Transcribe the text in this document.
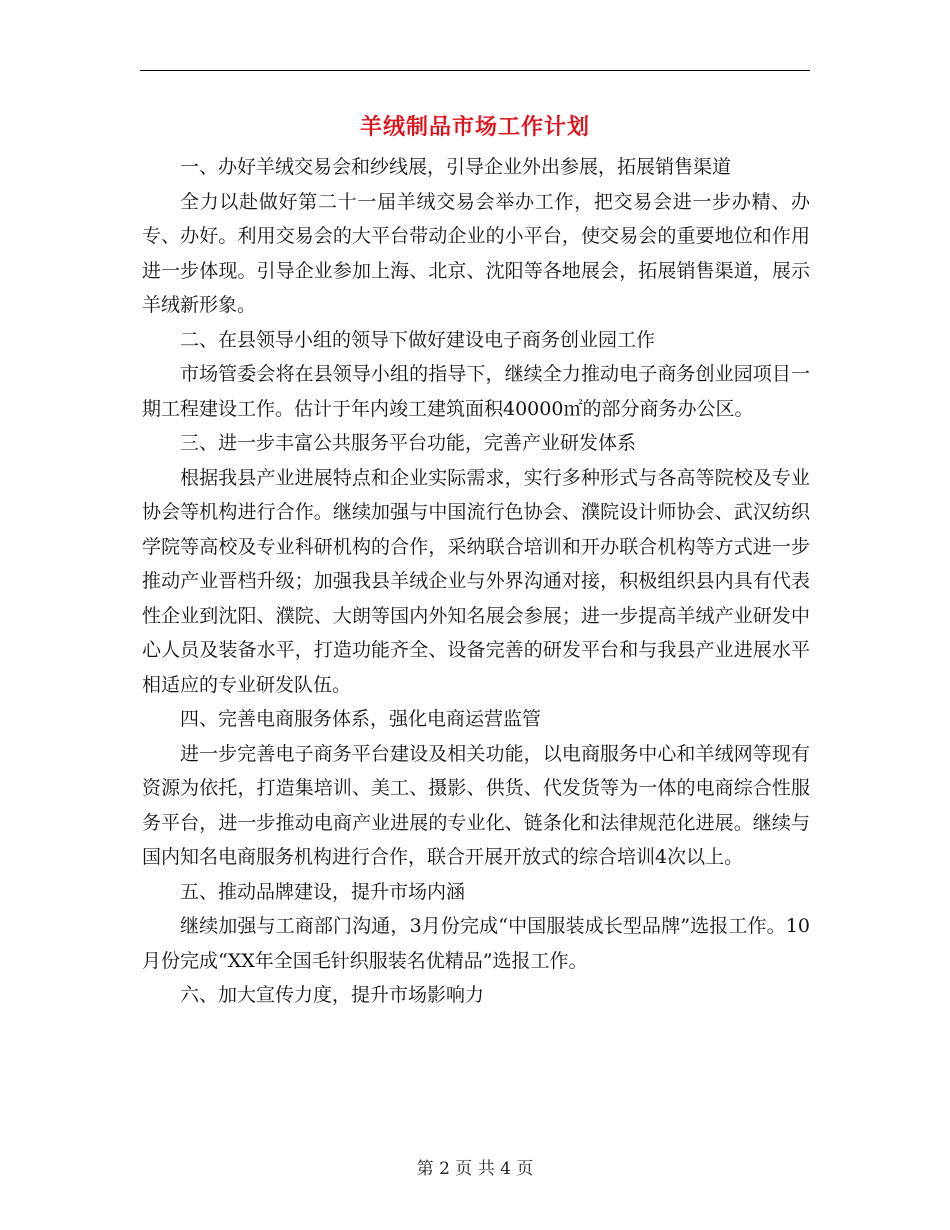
羊绒制品市场工作计划

一、办好羊绒交易会和纱线展，引导企业外出参展，拓展销售渠道

全力以赴做好第二十一届羊绒交易会举办工作，把交易会进一步办精、办专、办好。利用交易会的大平台带动企业的小平台，使交易会的重要地位和作用进一步体现。引导企业参加上海、北京、沈阳等各地展会，拓展销售渠道，展示羊绒新形象。

二、在县领导小组的领导下做好建设电子商务创业园工作

市场管委会将在县领导小组的指导下，继续全力推动电子商务创业园项目一期工程建设工作。估计于年内竣工建筑面积40000㎡的部分商务办公区。

三、进一步丰富公共服务平台功能，完善产业研发体系

根据我县产业进展特点和企业实际需求，实行多种形式与各高等院校及专业协会等机构进行合作。继续加强与中国流行色协会、濮院设计师协会、武汉纺织学院等高校及专业科研机构的合作，采纳联合培训和开办联合机构等方式进一步推动产业晋档升级；加强我县羊绒企业与外界沟通对接，积极组织县内具有代表性企业到沈阳、濮院、大朗等国内外知名展会参展；进一步提高羊绒产业研发中心人员及装备水平，打造功能齐全、设备完善的研发平台和与我县产业进展水平相适应的专业研发队伍。

四、完善电商服务体系，强化电商运营监管

进一步完善电子商务平台建设及相关功能，以电商服务中心和羊绒网等现有资源为依托，打造集培训、美工、摄影、供货、代发货等为一体的电商综合性服务平台，进一步推动电商产业进展的专业化、链条化和法律规范化进展。继续与国内知名电商服务机构进行合作，联合开展开放式的综合培训4次以上。

五、推动品牌建设，提升市场内涵

继续加强与工商部门沟通，3月份完成“中国服装成长型品牌”选报工作。10月份完成“XX年全国毛针织服装名优精品”选报工作。

六、加大宣传力度，提升市场影响力

第 2 页 共 4 页
